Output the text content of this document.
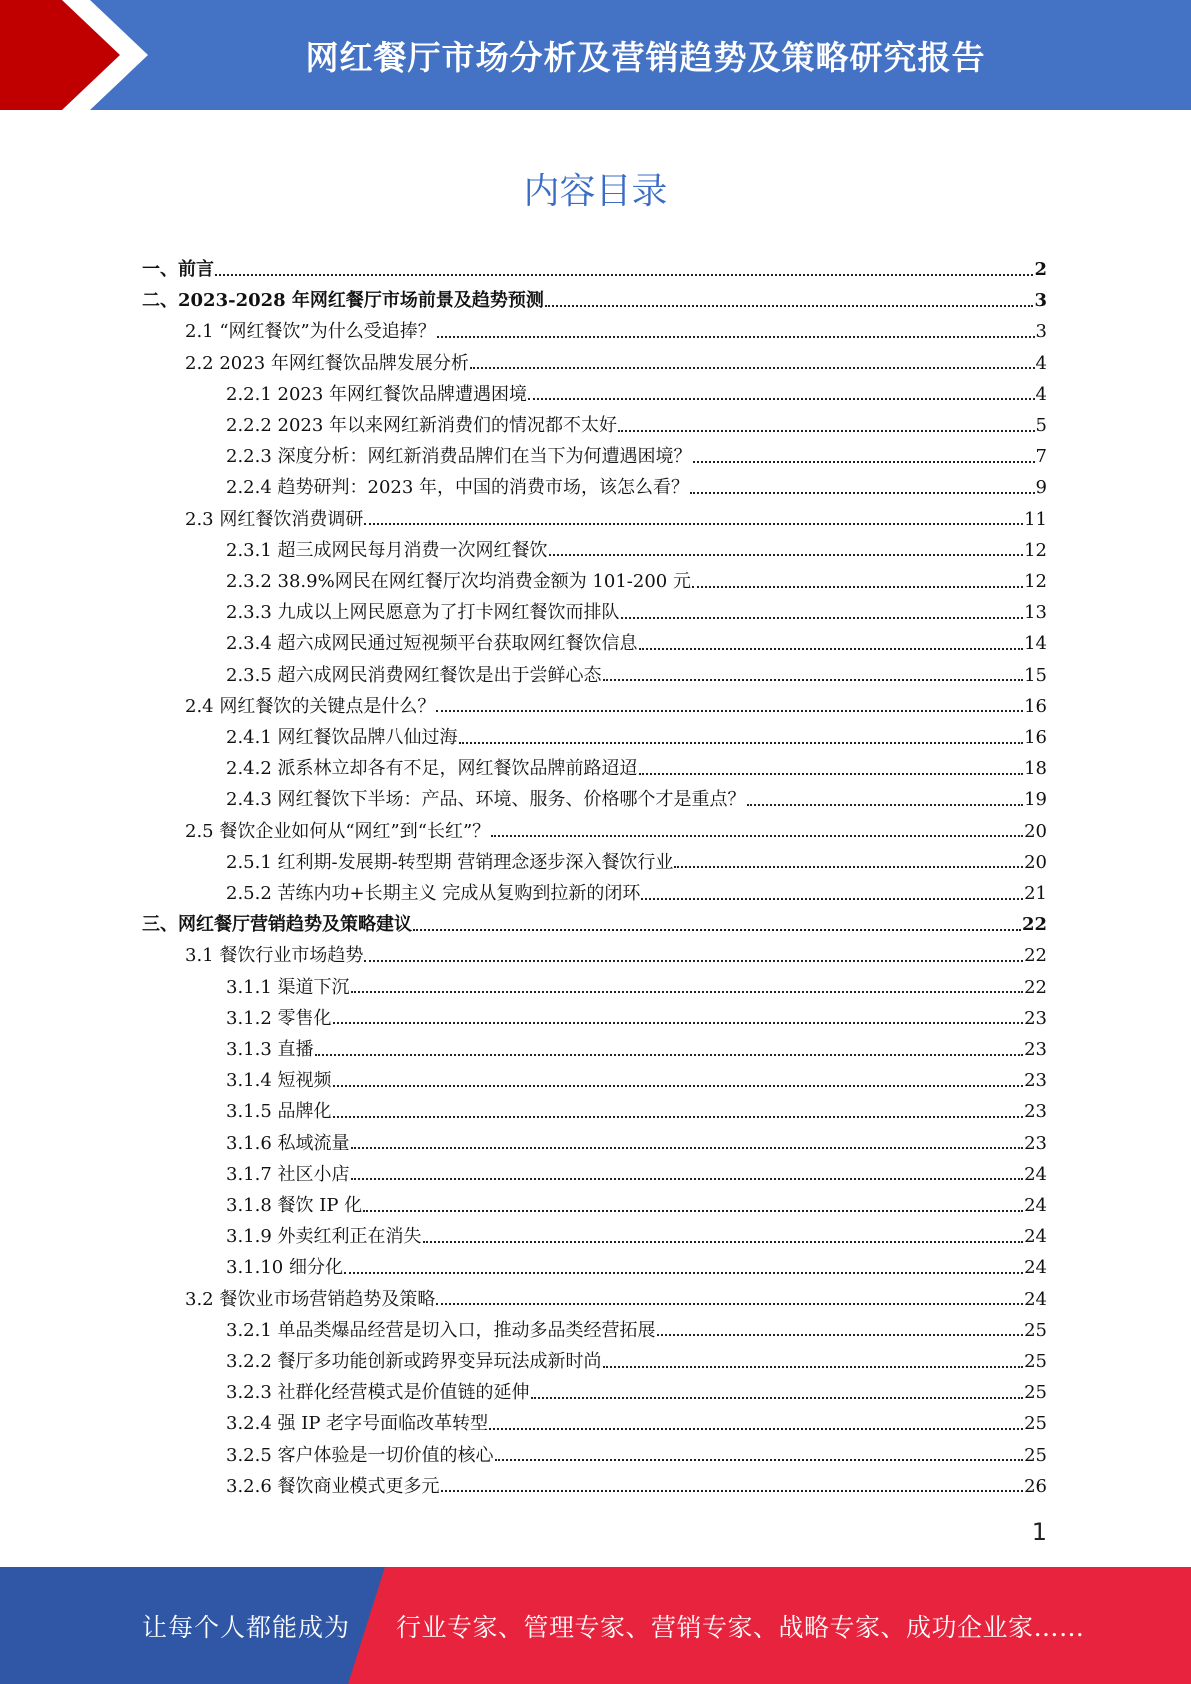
网红餐厅市场分析及营销趋势及策略研究报告
内容目录
一、前言	2
二、2023-2028 年网红餐厅市场前景及趋势预测	3
2.1 “网红餐饮”为什么受追捧？	3
2.2 2023 年网红餐饮品牌发展分析	4
2.2.1 2023 年网红餐饮品牌遭遇困境	4
2.2.2 2023 年以来网红新消费们的情况都不太好	5
2.2.3 深度分析：网红新消费品牌们在当下为何遭遇困境？	7
2.2.4 趋势研判：2023 年，中国的消费市场，该怎么看？	9
2.3 网红餐饮消费调研	11
2.3.1 超三成网民每月消费一次网红餐饮	12
2.3.2 38.9%网民在网红餐厅次均消费金额为 101-200 元	12
2.3.3 九成以上网民愿意为了打卡网红餐饮而排队	13
2.3.4 超六成网民通过短视频平台获取网红餐饮信息	14
2.3.5 超六成网民消费网红餐饮是出于尝鲜心态	15
2.4 网红餐饮的关键点是什么？	16
2.4.1 网红餐饮品牌八仙过海	16
2.4.2 派系林立却各有不足，网红餐饮品牌前路迢迢	18
2.4.3 网红餐饮下半场：产品、环境、服务、价格哪个才是重点？	19
2.5 餐饮企业如何从“网红”到“长红”？	20
2.5.1 红利期-发展期-转型期 营销理念逐步深入餐饮行业	20
2.5.2 苦练内功+长期主义 完成从复购到拉新的闭环	21
三、网红餐厅营销趋势及策略建议	22
3.1 餐饮行业市场趋势	22
3.1.1 渠道下沉	22
3.1.2 零售化	23
3.1.3 直播	23
3.1.4 短视频	23
3.1.5 品牌化	23
3.1.6 私域流量	23
3.1.7 社区小店	24
3.1.8 餐饮 IP 化	24
3.1.9 外卖红利正在消失	24
3.1.10 细分化	24
3.2 餐饮业市场营销趋势及策略	24
3.2.1 单品类爆品经营是切入口，推动多品类经营拓展	25
3.2.2 餐厅多功能创新或跨界变异玩法成新时尚	25
3.2.3 社群化经营模式是价值链的延伸	25
3.2.4 强 IP 老字号面临改革转型	25
3.2.5 客户体验是一切价值的核心	25
3.2.6 餐饮商业模式更多元	26
1
让每个人都能成为 行业专家、管理专家、营销专家、战略专家、成功企业家……
